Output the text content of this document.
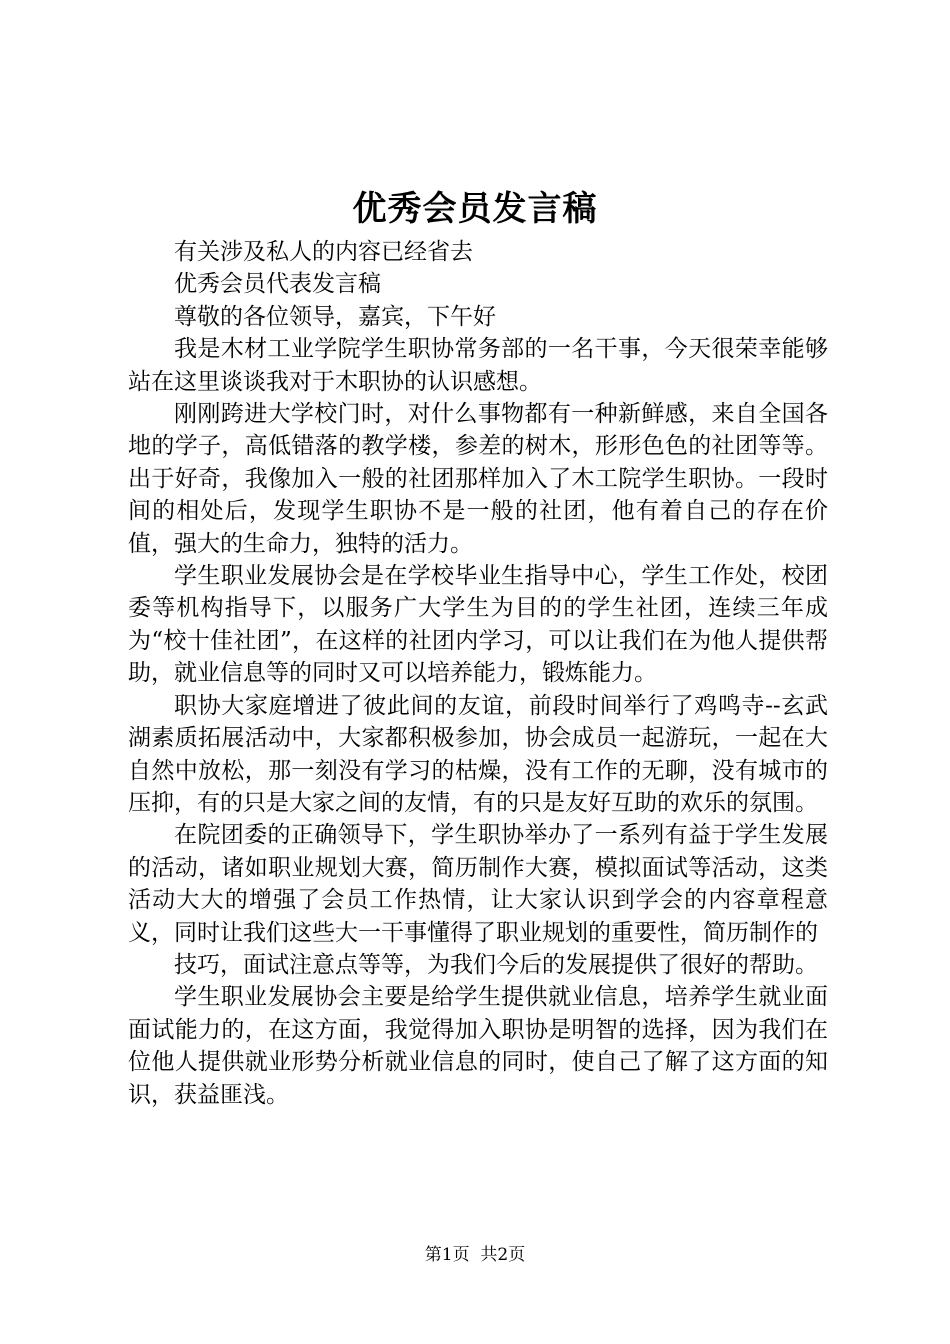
优秀会员发言稿

有关涉及私人的内容已经省去

优秀会员代表发言稿

尊敬的各位领导，嘉宾，下午好

我是木材工业学院学生职协常务部的一名干事，今天很荣幸能够站在这里谈谈我对于木职协的认识感想。

刚刚跨进大学校门时，对什么事物都有一种新鲜感，来自全国各地的学子，高低错落的教学楼，参差的树木，形形色色的社团等等。出于好奇，我像加入一般的社团那样加入了木工院学生职协。一段时间的相处后，发现学生职协不是一般的社团，他有着自己的存在价值，强大的生命力，独特的活力。

学生职业发展协会是在学校毕业生指导中心，学生工作处，校团委等机构指导下，以服务广大学生为目的的学生社团，连续三年成为“校十佳社团”，在这样的社团内学习，可以让我们在为他人提供帮助，就业信息等的同时又可以培养能力，锻炼能力。

职协大家庭增进了彼此间的友谊，前段时间举行了鸡鸣寺--玄武湖素质拓展活动中，大家都积极参加，协会成员一起游玩，一起在大自然中放松，那一刻没有学习的枯燥，没有工作的无聊，没有城市的压抑，有的只是大家之间的友情，有的只是友好互助的欢乐的氛围。

在院团委的正确领导下，学生职协举办了一系列有益于学生发展的活动，诸如职业规划大赛，简历制作大赛，模拟面试等活动，这类活动大大的增强了会员工作热情，让大家认识到学会的内容章程意义，同时让我们这些大一干事懂得了职业规划的重要性，简历制作的

技巧，面试注意点等等，为我们今后的发展提供了很好的帮助。

学生职业发展协会主要是给学生提供就业信息，培养学生就业面面试能力的，在这方面，我觉得加入职协是明智的选择，因为我们在位他人提供就业形势分析就业信息的同时，使自己了解了这方面的知识，获益匪浅。

第1页 共2页
